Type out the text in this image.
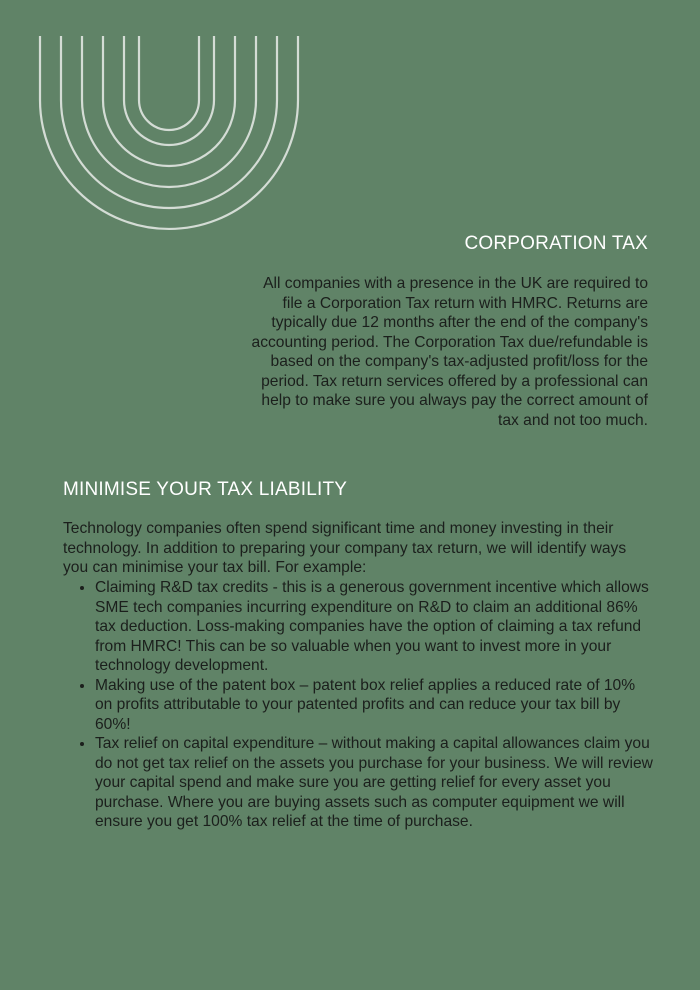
CORPORATION TAX

All companies with a presence in the UK are required to file a Corporation Tax return with HMRC. Returns are typically due 12 months after the end of the company's accounting period. The Corporation Tax due/refundable is based on the company's tax-adjusted profit/loss for the period. Tax return services offered by a professional can help to make sure you always pay the correct amount of tax and not too much.

MINIMISE YOUR TAX LIABILITY

Technology companies often spend significant time and money investing in their technology. In addition to preparing your company tax return, we will identify ways you can minimise your tax bill. For example:

• Claiming R&D tax credits - this is a generous government incentive which allows SME tech companies incurring expenditure on R&D to claim an additional 86% tax deduction. Loss-making companies have the option of claiming a tax refund from HMRC! This can be so valuable when you want to invest more in your technology development.
• Making use of the patent box – patent box relief applies a reduced rate of 10% on profits attributable to your patented profits and can reduce your tax bill by 60%!
• Tax relief on capital expenditure – without making a capital allowances claim you do not get tax relief on the assets you purchase for your business. We will review your capital spend and make sure you are getting relief for every asset you purchase. Where you are buying assets such as computer equipment we will ensure you get 100% tax relief at the time of purchase.
